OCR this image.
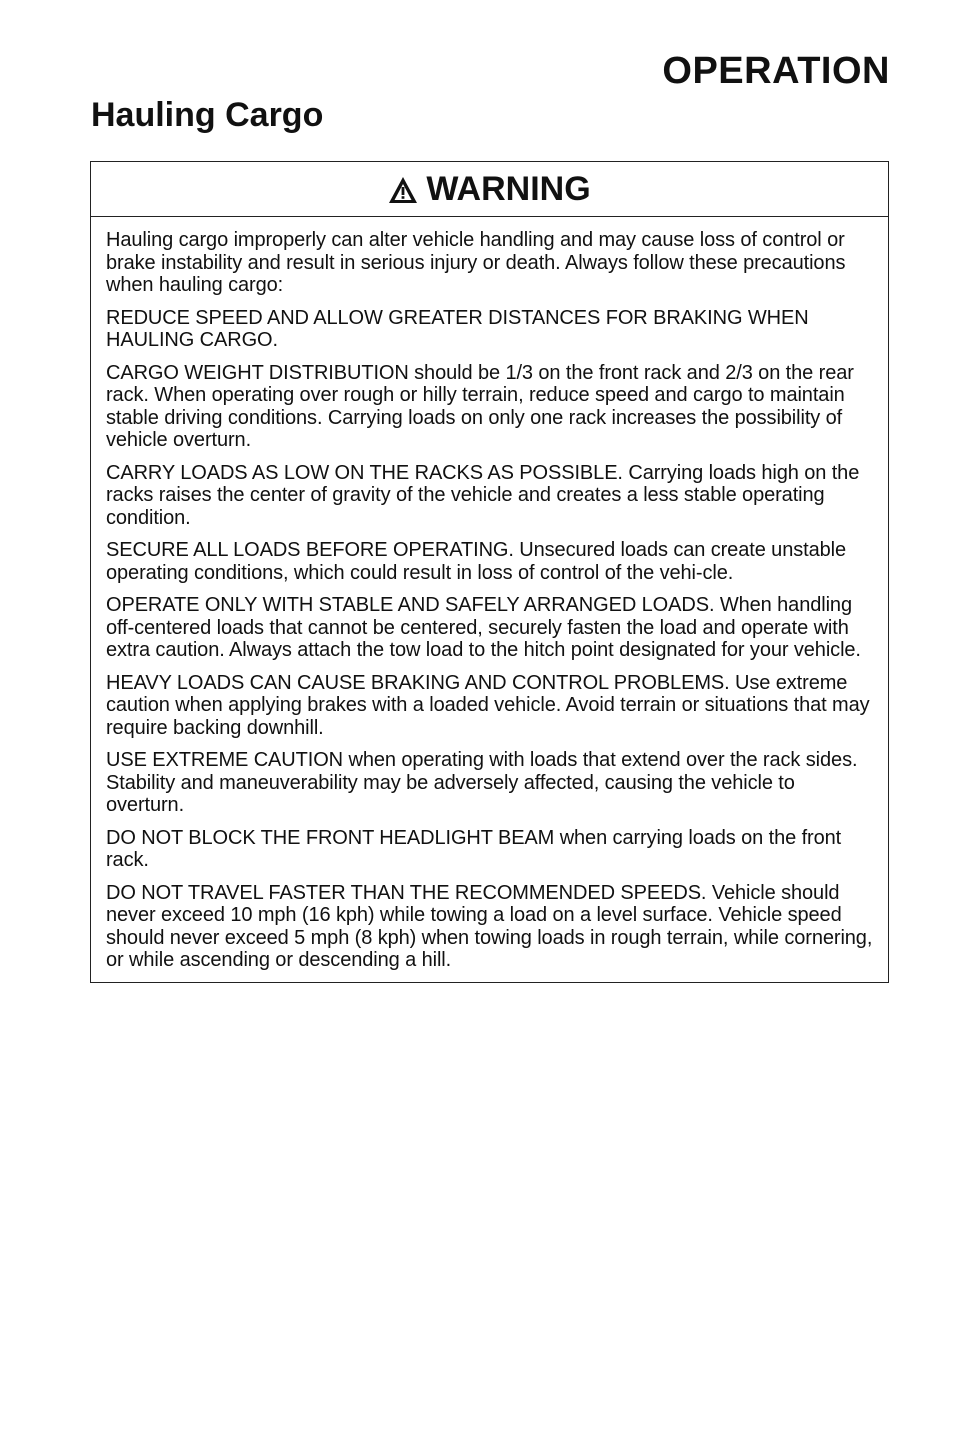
OPERATION
Hauling Cargo
WARNING

Hauling cargo improperly can alter vehicle handling and may cause loss of control or brake instability and result in serious injury or death. Always follow these precautions when hauling cargo:

REDUCE SPEED AND ALLOW GREATER DISTANCES FOR BRAKING WHEN HAULING CARGO.

CARGO WEIGHT DISTRIBUTION should be 1/3 on the front rack and 2/3 on the rear rack. When operating over rough or hilly terrain, reduce speed and cargo to maintain stable driving conditions. Carrying loads on only one rack increases the possibility of vehicle overturn.

CARRY LOADS AS LOW ON THE RACKS AS POSSIBLE. Carrying loads high on the racks raises the center of gravity of the vehicle and creates a less stable operating condition.

SECURE ALL LOADS BEFORE OPERATING. Unsecured loads can create unstable operating conditions, which could result in loss of control of the vehi-cle.

OPERATE ONLY WITH STABLE AND SAFELY ARRANGED LOADS. When handling off-centered loads that cannot be centered, securely fasten the load and operate with extra caution. Always attach the tow load to the hitch point designated for your vehicle.

HEAVY LOADS CAN CAUSE BRAKING AND CONTROL PROBLEMS. Use extreme caution when applying brakes with a loaded vehicle. Avoid terrain or situations that may require backing downhill.

USE EXTREME CAUTION when operating with loads that extend over the rack sides. Stability and maneuverability may be adversely affected, causing the vehicle to overturn.

DO NOT BLOCK THE FRONT HEADLIGHT BEAM when carrying loads on the front rack.

DO NOT TRAVEL FASTER THAN THE RECOMMENDED SPEEDS. Vehicle should never exceed 10 mph (16 kph) while towing a load on a level surface. Vehicle speed should never exceed 5 mph (8 kph) when towing loads in rough terrain, while cornering, or while ascending or descending a hill.
